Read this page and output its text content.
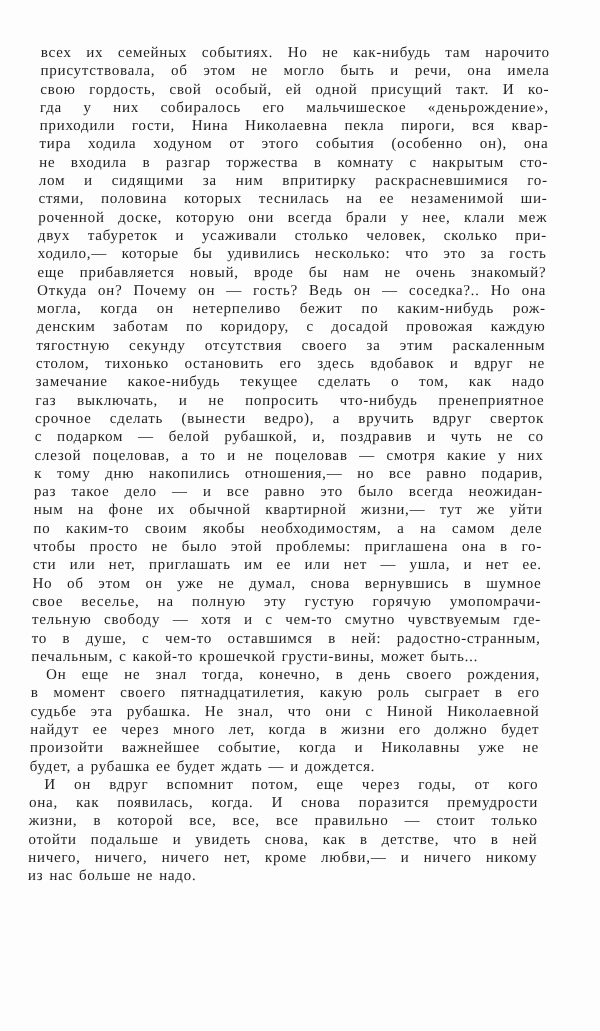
всех их семейных событиях. Но не как-нибудь там нарочито
присутствовала, об этом не могло быть и речи, она имела
свою гордость, свой особый, ей одной присущий такт. И ко-
гда у них собиралось его мальчишеское «деньрождение»,
приходили гости, Нина Николаевна пекла пироги, вся квар-
тира ходила ходуном от этого события (особенно он), она
не входила в разгар торжества в комнату с накрытым сто-
лом и сидящими за ним впритирку раскрасневшимися го-
стями, половина которых теснилась на ее незаменимой ши-
роченной доске, которую они всегда брали у нее, клали меж
двух табуреток и усаживали столько человек, сколько при-
ходило,— которые бы удивились несколько: что это за гость
еще прибавляется новый, вроде бы нам не очень знакомый?
Откуда он? Почему он — гость? Ведь он — соседка?.. Но она
могла, когда он нетерпеливо бежит по каким-нибудь рож-
денским заботам по коридору, с досадой провожая каждую
тягостную секунду отсутствия своего за этим раскаленным
столом, тихонько остановить его здесь вдобавок и вдруг не
замечание какое-нибудь текущее сделать о том, как надо
газ выключать, и не попросить что-нибудь пренеприятное
срочное сделать (вынести ведро), а вручить вдруг сверток
с подарком — белой рубашкой, и, поздравив и чуть не со
слезой поцеловав, а то и не поцеловав — смотря какие у них
к тому дню накопились отношения,— но все равно подарив,
раз такое дело — и все равно это было всегда неожидан-
ным на фоне их обычной квартирной жизни,— тут же уйти
по каким-то своим якобы необходимостям, а на самом деле
чтобы просто не было этой проблемы: приглашена она в го-
сти или нет, приглашать им ее или нет — ушла, и нет ее.
Но об этом он уже не думал, снова вернувшись в шумное
свое веселье, на полную эту густую горячую умопомрачи-
тельную свободу — хотя и с чем-то смутно чувствуемым где-
то в душе, с чем-то оставшимся в ней: радостно-странным,
печальным, с какой-то крошечкой грусти-вины, может быть...
Он еще не знал тогда, конечно, в день своего рождения,
в момент своего пятнадцатилетия, какую роль сыграет в его
судьбе эта рубашка. Не знал, что они с Ниной Николаевной
найдут ее через много лет, когда в жизни его должно будет
произойти важнейшее событие, когда и Николавны уже не
будет, а рубашка ее будет ждать — и дождется.
И он вдруг вспомнит потом, еще через годы, от кого
она, как появилась, когда. И снова поразится премудрости
жизни, в которой все, все, все правильно — стоит только
отойти подальше и увидеть снова, как в детстве, что в ней
ничего, ничего, ничего нет, кроме любви,— и ничего никому
из нас больше не надо.
